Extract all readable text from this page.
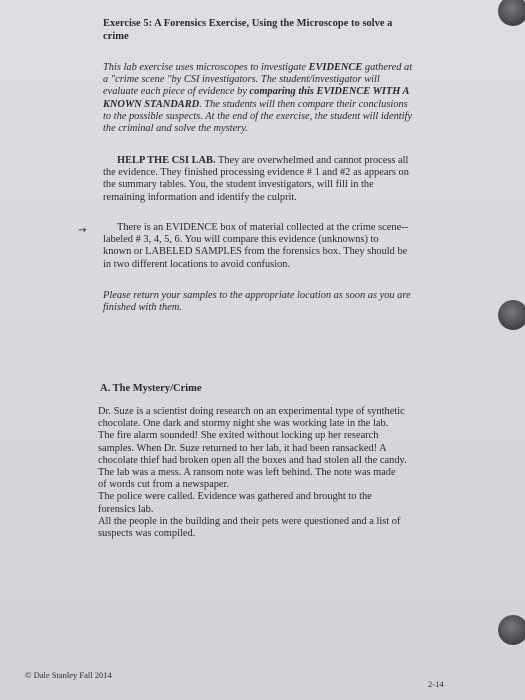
Exercise 5: A Forensics Exercise, Using the Microscope to solve a
crime
This lab exercise uses microscopes to investigate EVIDENCE gathered at
a "crime scene "by CSI investigators. The student/investigator will
evaluate each piece of evidence by comparing this EVIDENCE WITH A
KNOWN STANDARD. The students will then compare their conclusions
to the possible suspects. At the end of the exercise, the student will identify
the criminal and solve the mystery.
HELP THE CSI LAB. They are overwhelmed and cannot process all
the evidence. They finished processing evidence # 1 and #2 as appears on
the summary tables. You, the student investigators, will fill in the
remaining information and identify the culprit.
→	There is an EVIDENCE box of material collected at the crime scene--
labeled # 3, 4, 5, 6. You will compare this evidence (unknowns) to
known or LABELED SAMPLES from the forensics box. They should be
in two different locations to avoid confusion.
Please return your samples to the appropriate location as soon as you are
finished with them.
A. The Mystery/Crime
Dr. Suze is a scientist doing research on an experimental type of synthetic
chocolate. One dark and stormy night she was working late in the lab.
The fire alarm sounded! She exited without locking up her research
samples. When Dr. Suze returned to her lab, it had been ransacked! A
chocolate thief had broken open all the boxes and had stolen all the candy.
The lab was a mess. A ransom note was left behind. The note was made
of words cut from a newspaper.
The police were called. Evidence was gathered and brought to the
forensics lab.
All the people in the building and their pets were questioned and a list of
suspects was compiled.
© Dale Stanley Fall 2014
2-14
